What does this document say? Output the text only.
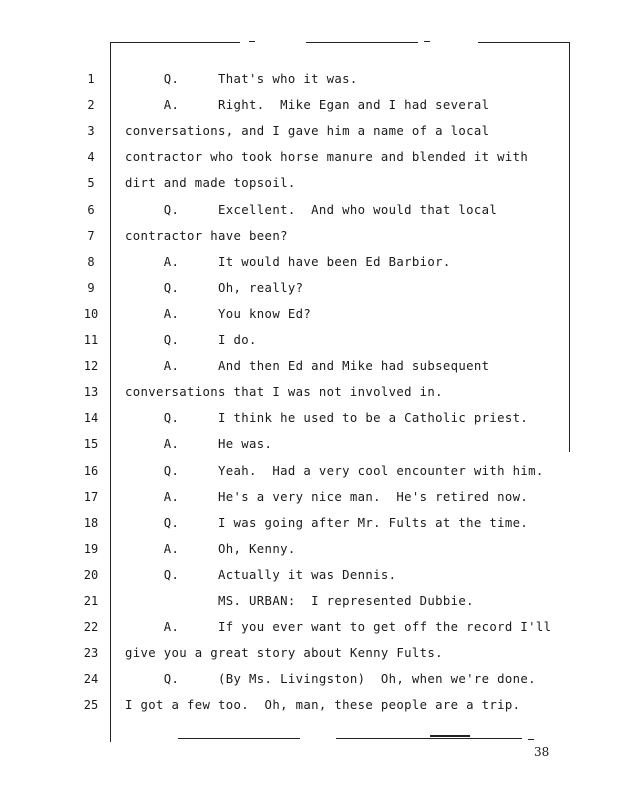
1	Q.     That's who it was.
2	A.     Right.  Mike Egan and I had several
3	conversations, and I gave him a name of a local
4	contractor who took horse manure and blended it with
5	dirt and made topsoil.
6	Q.     Excellent.  And who would that local
7	contractor have been?
8	A.     It would have been Ed Barbior.
9	Q.     Oh, really?
10	A.     You know Ed?
11	Q.     I do.
12	A.     And then Ed and Mike had subsequent
13	conversations that I was not involved in.
14	Q.     I think he used to be a Catholic priest.
15	A.     He was.
16	Q.     Yeah.  Had a very cool encounter with him.
17	A.     He's a very nice man.  He's retired now.
18	Q.     I was going after Mr. Fults at the time.
19	A.     Oh, Kenny.
20	Q.     Actually it was Dennis.
21	MS. URBAN:  I represented Dubbie.
22	A.     If you ever want to get off the record I'll
23	give you a great story about Kenny Fults.
24	Q.     (By Ms. Livingston)  Oh, when we're done.
25	I got a few too.  Oh, man, these people are a trip.
38
